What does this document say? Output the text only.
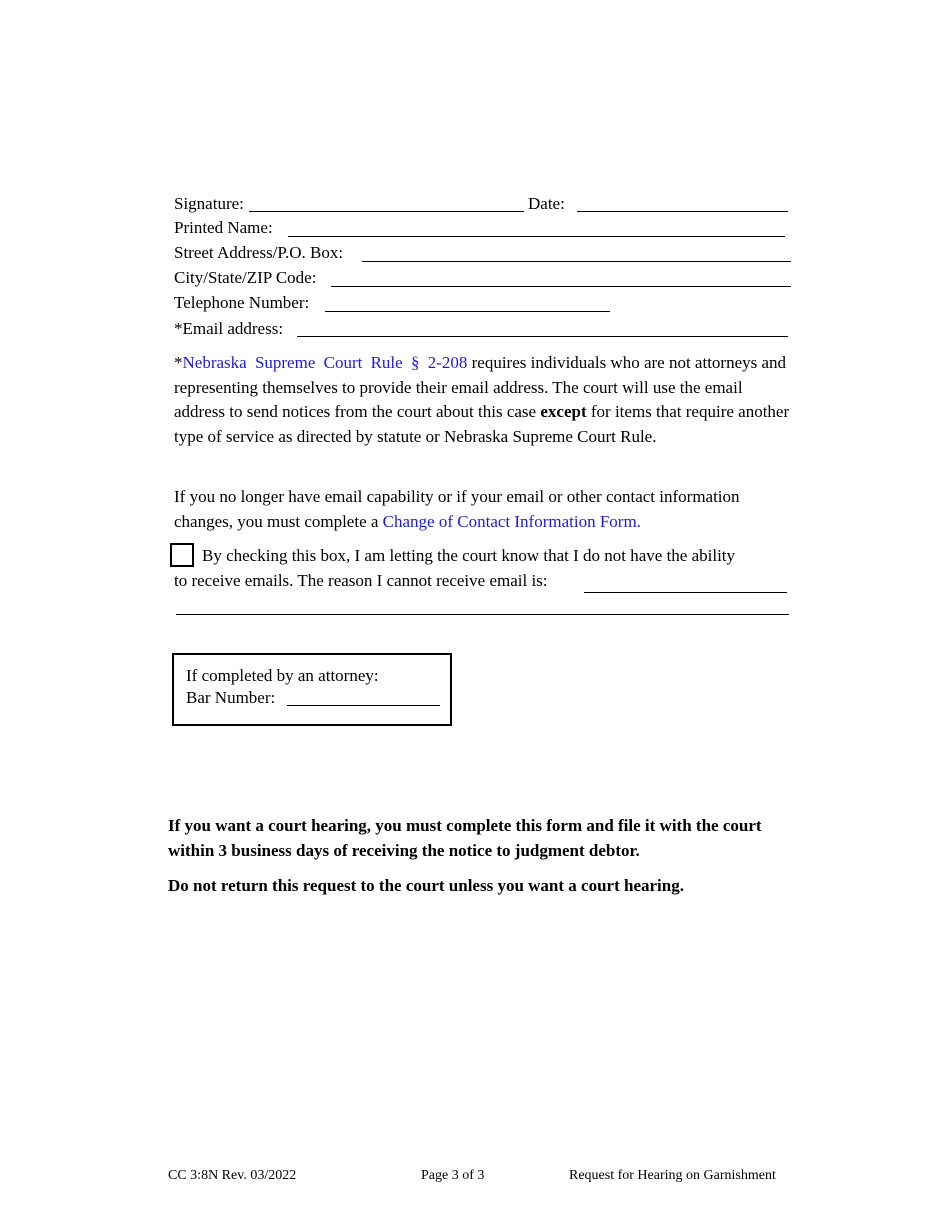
Signature:	Date:
Printed Name:
Street Address/P.O. Box:
City/State/ZIP Code:
Telephone Number:
*Email address:
*Nebraska Supreme Court Rule § 2-208 requires individuals who are not attorneys and representing themselves to provide their email address. The court will use the email address to send notices from the court about this case except for items that require another type of service as directed by statute or Nebraska Supreme Court Rule.
If you no longer have email capability or if your email or other contact information changes, you must complete a Change of Contact Information Form.
By checking this box, I am letting the court know that I do not have the ability
to receive emails. The reason I cannot receive email is:
If completed by an attorney:
Bar Number:
If you want a court hearing, you must complete this form and file it with the court within 3 business days of receiving the notice to judgment debtor.
Do not return this request to the court unless you want a court hearing.
CC 3:8N Rev. 03/2022	Page 3 of 3	Request for Hearing on Garnishment
